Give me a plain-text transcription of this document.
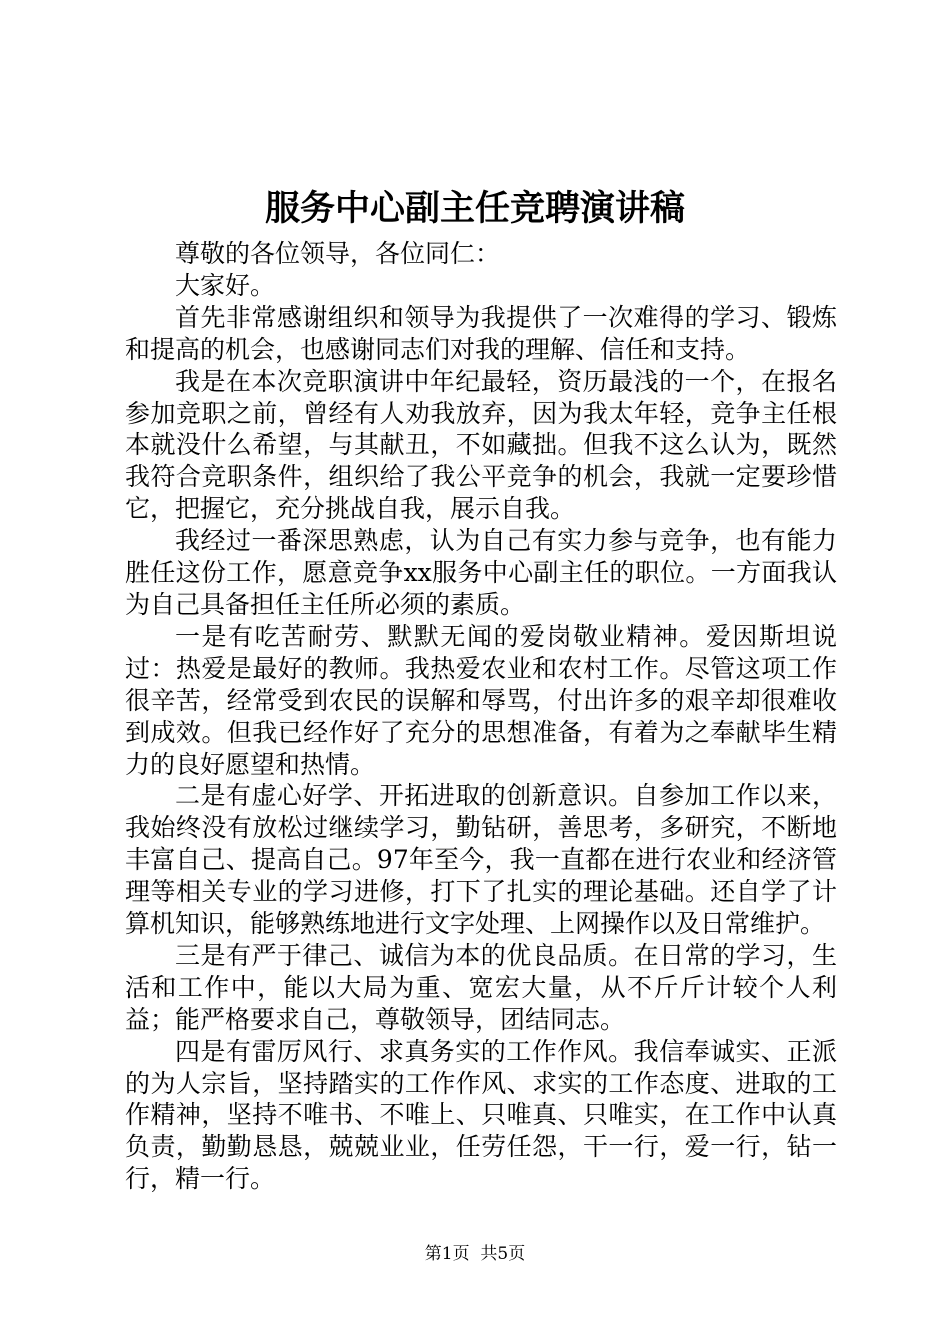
服务中心副主任竞聘演讲稿

尊敬的各位领导，各位同仁：

大家好。

首先非常感谢组织和领导为我提供了一次难得的学习、锻炼和提高的机会，也感谢同志们对我的理解、信任和支持。

我是在本次竞职演讲中年纪最轻，资历最浅的一个，在报名参加竞职之前，曾经有人劝我放弃，因为我太年轻，竞争主任根本就没什么希望，与其献丑，不如藏拙。但我不这么认为，既然我符合竞职条件，组织给了我公平竞争的机会，我就一定要珍惜它，把握它，充分挑战自我，展示自我。

我经过一番深思熟虑，认为自己有实力参与竞争，也有能力胜任这份工作，愿意竞争xx服务中心副主任的职位。一方面我认为自己具备担任主任所必须的素质。

一是有吃苦耐劳、默默无闻的爱岗敬业精神。爱因斯坦说过：热爱是最好的教师。我热爱农业和农村工作。尽管这项工作很辛苦，经常受到农民的误解和辱骂，付出许多的艰辛却很难收到成效。但我已经作好了充分的思想准备，有着为之奉献毕生精力的良好愿望和热情。

二是有虚心好学、开拓进取的创新意识。自参加工作以来，我始终没有放松过继续学习，勤钻研，善思考，多研究，不断地丰富自己、提高自己。97年至今，我一直都在进行农业和经济管理等相关专业的学习进修，打下了扎实的理论基础。还自学了计算机知识，能够熟练地进行文字处理、上网操作以及日常维护。

三是有严于律己、诚信为本的优良品质。在日常的学习，生活和工作中，能以大局为重、宽宏大量，从不斤斤计较个人利益；能严格要求自己，尊敬领导，团结同志。

四是有雷厉风行、求真务实的工作作风。我信奉诚实、正派的为人宗旨，坚持踏实的工作作风、求实的工作态度、进取的工作精神，坚持不唯书、不唯上、只唯真、只唯实，在工作中认真负责，勤勤恳恳，兢兢业业，任劳任怨，干一行，爱一行，钻一行，精一行。

第1页 共5页
